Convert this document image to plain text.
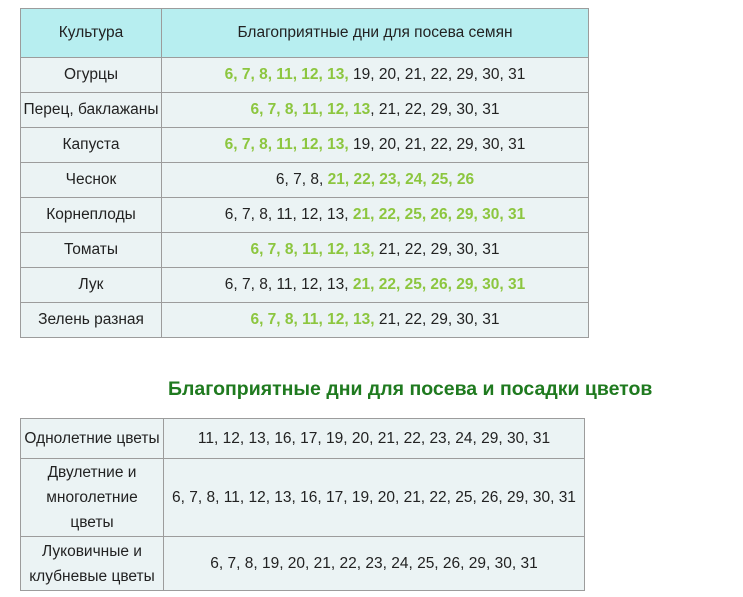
Культура	Благоприятные дни для посева семян
Огурцы	6, 7, 8, 11, 12, 13, 19, 20, 21, 22, 29, 30, 31
Перец, баклажаны	6, 7, 8, 11, 12, 13, 21, 22, 29, 30, 31
Капуста	6, 7, 8, 11, 12, 13, 19, 20, 21, 22, 29, 30, 31
Чеснок	6, 7, 8, 21, 22, 23, 24, 25, 26
Корнеплоды	6, 7, 8, 11, 12, 13, 21, 22, 25, 26, 29, 30, 31
Томаты	6, 7, 8, 11, 12, 13, 21, 22, 29, 30, 31
Лук	6, 7, 8, 11, 12, 13, 21, 22, 25, 26, 29, 30, 31
Зелень разная	6, 7, 8, 11, 12, 13, 21, 22, 29, 30, 31
Благоприятные дни для посева и посадки цветов
Однолетние цветы	11, 12, 13, 16, 17, 19, 20, 21, 22, 23, 24, 29, 30, 31
Двулетние и
многолетние
цветы	6, 7, 8, 11, 12, 13, 16, 17, 19, 20, 21, 22, 25, 26, 29, 30, 31
Луковичные и
клубневые цветы	6, 7, 8, 19, 20, 21, 22, 23, 24, 25, 26, 29, 30, 31
